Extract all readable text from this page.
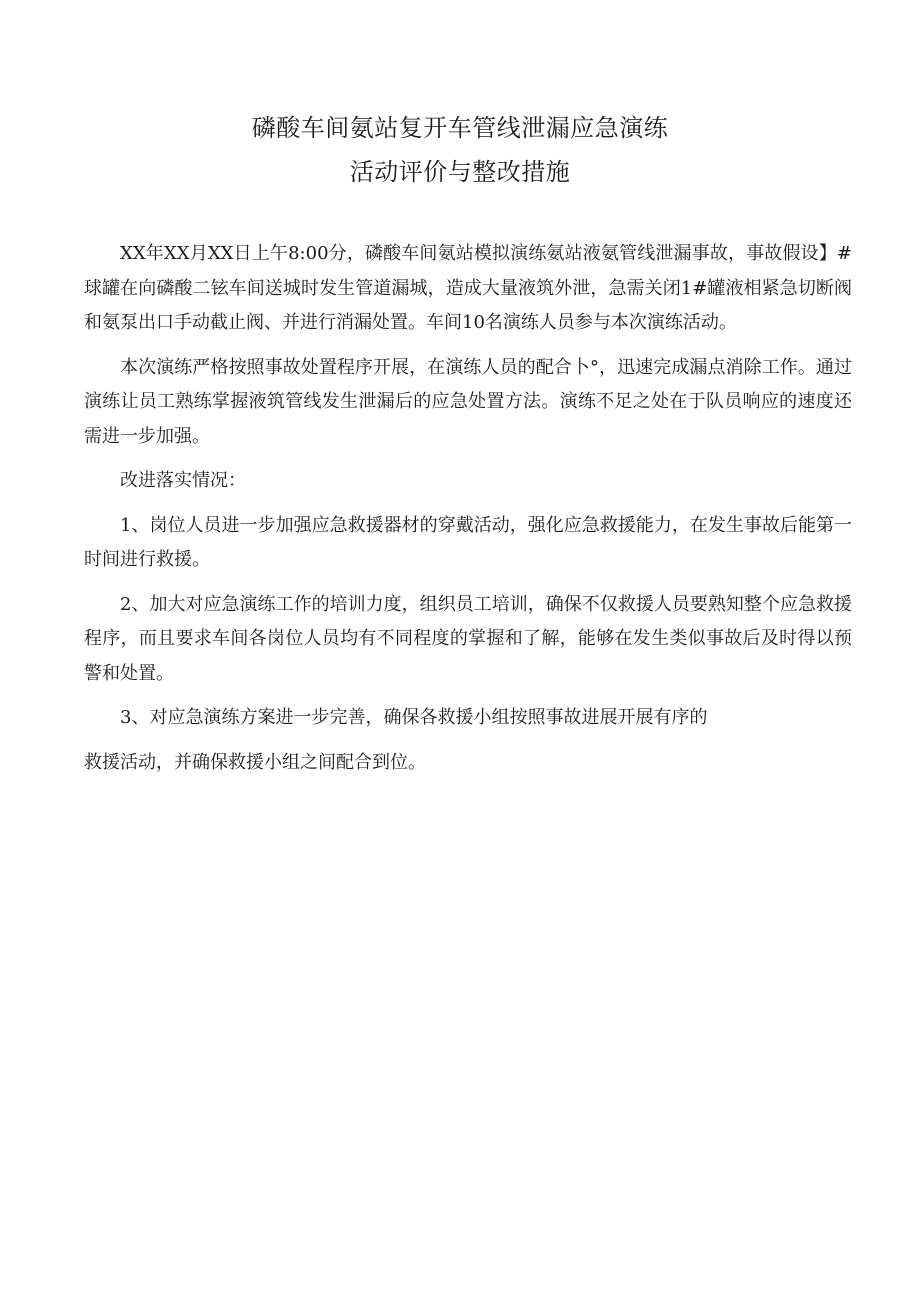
磷酸车间氨站复开车管线泄漏应急演练
活动评价与整改措施

XX年XX月XX日上午8:00分，磷酸车间氨站模拟演练氨站液氨管线泄漏事故，事故假设】#球罐在向磷酸二铉车间送城时发生管道漏城，造成大量液筑外泄，急需关闭1#罐液相紧急切断阀和氨泵出口手动截止阀、并进行消漏处置。车间10名演练人员参与本次演练活动。

本次演练严格按照事故处置程序开展，在演练人员的配合卜°，迅速完成漏点消除工作。通过演练让员工熟练掌握液筑管线发生泄漏后的应急处置方法。演练不足之处在于队员响应的速度还需进一步加强。

改进落实情况：

1、岗位人员进一步加强应急救援器材的穿戴活动，强化应急救援能力，在发生事故后能第一时间进行救援。

2、加大对应急演练工作的培训力度，组织员工培训，确保不仅救援人员要熟知整个应急救援程序，而且要求车间各岗位人员均有不同程度的掌握和了解，能够在发生类似事故后及时得以预警和处置。

3、对应急演练方案进一步完善，确保各救援小组按照事故进展开展有序的

救援活动，并确保救援小组之间配合到位。
